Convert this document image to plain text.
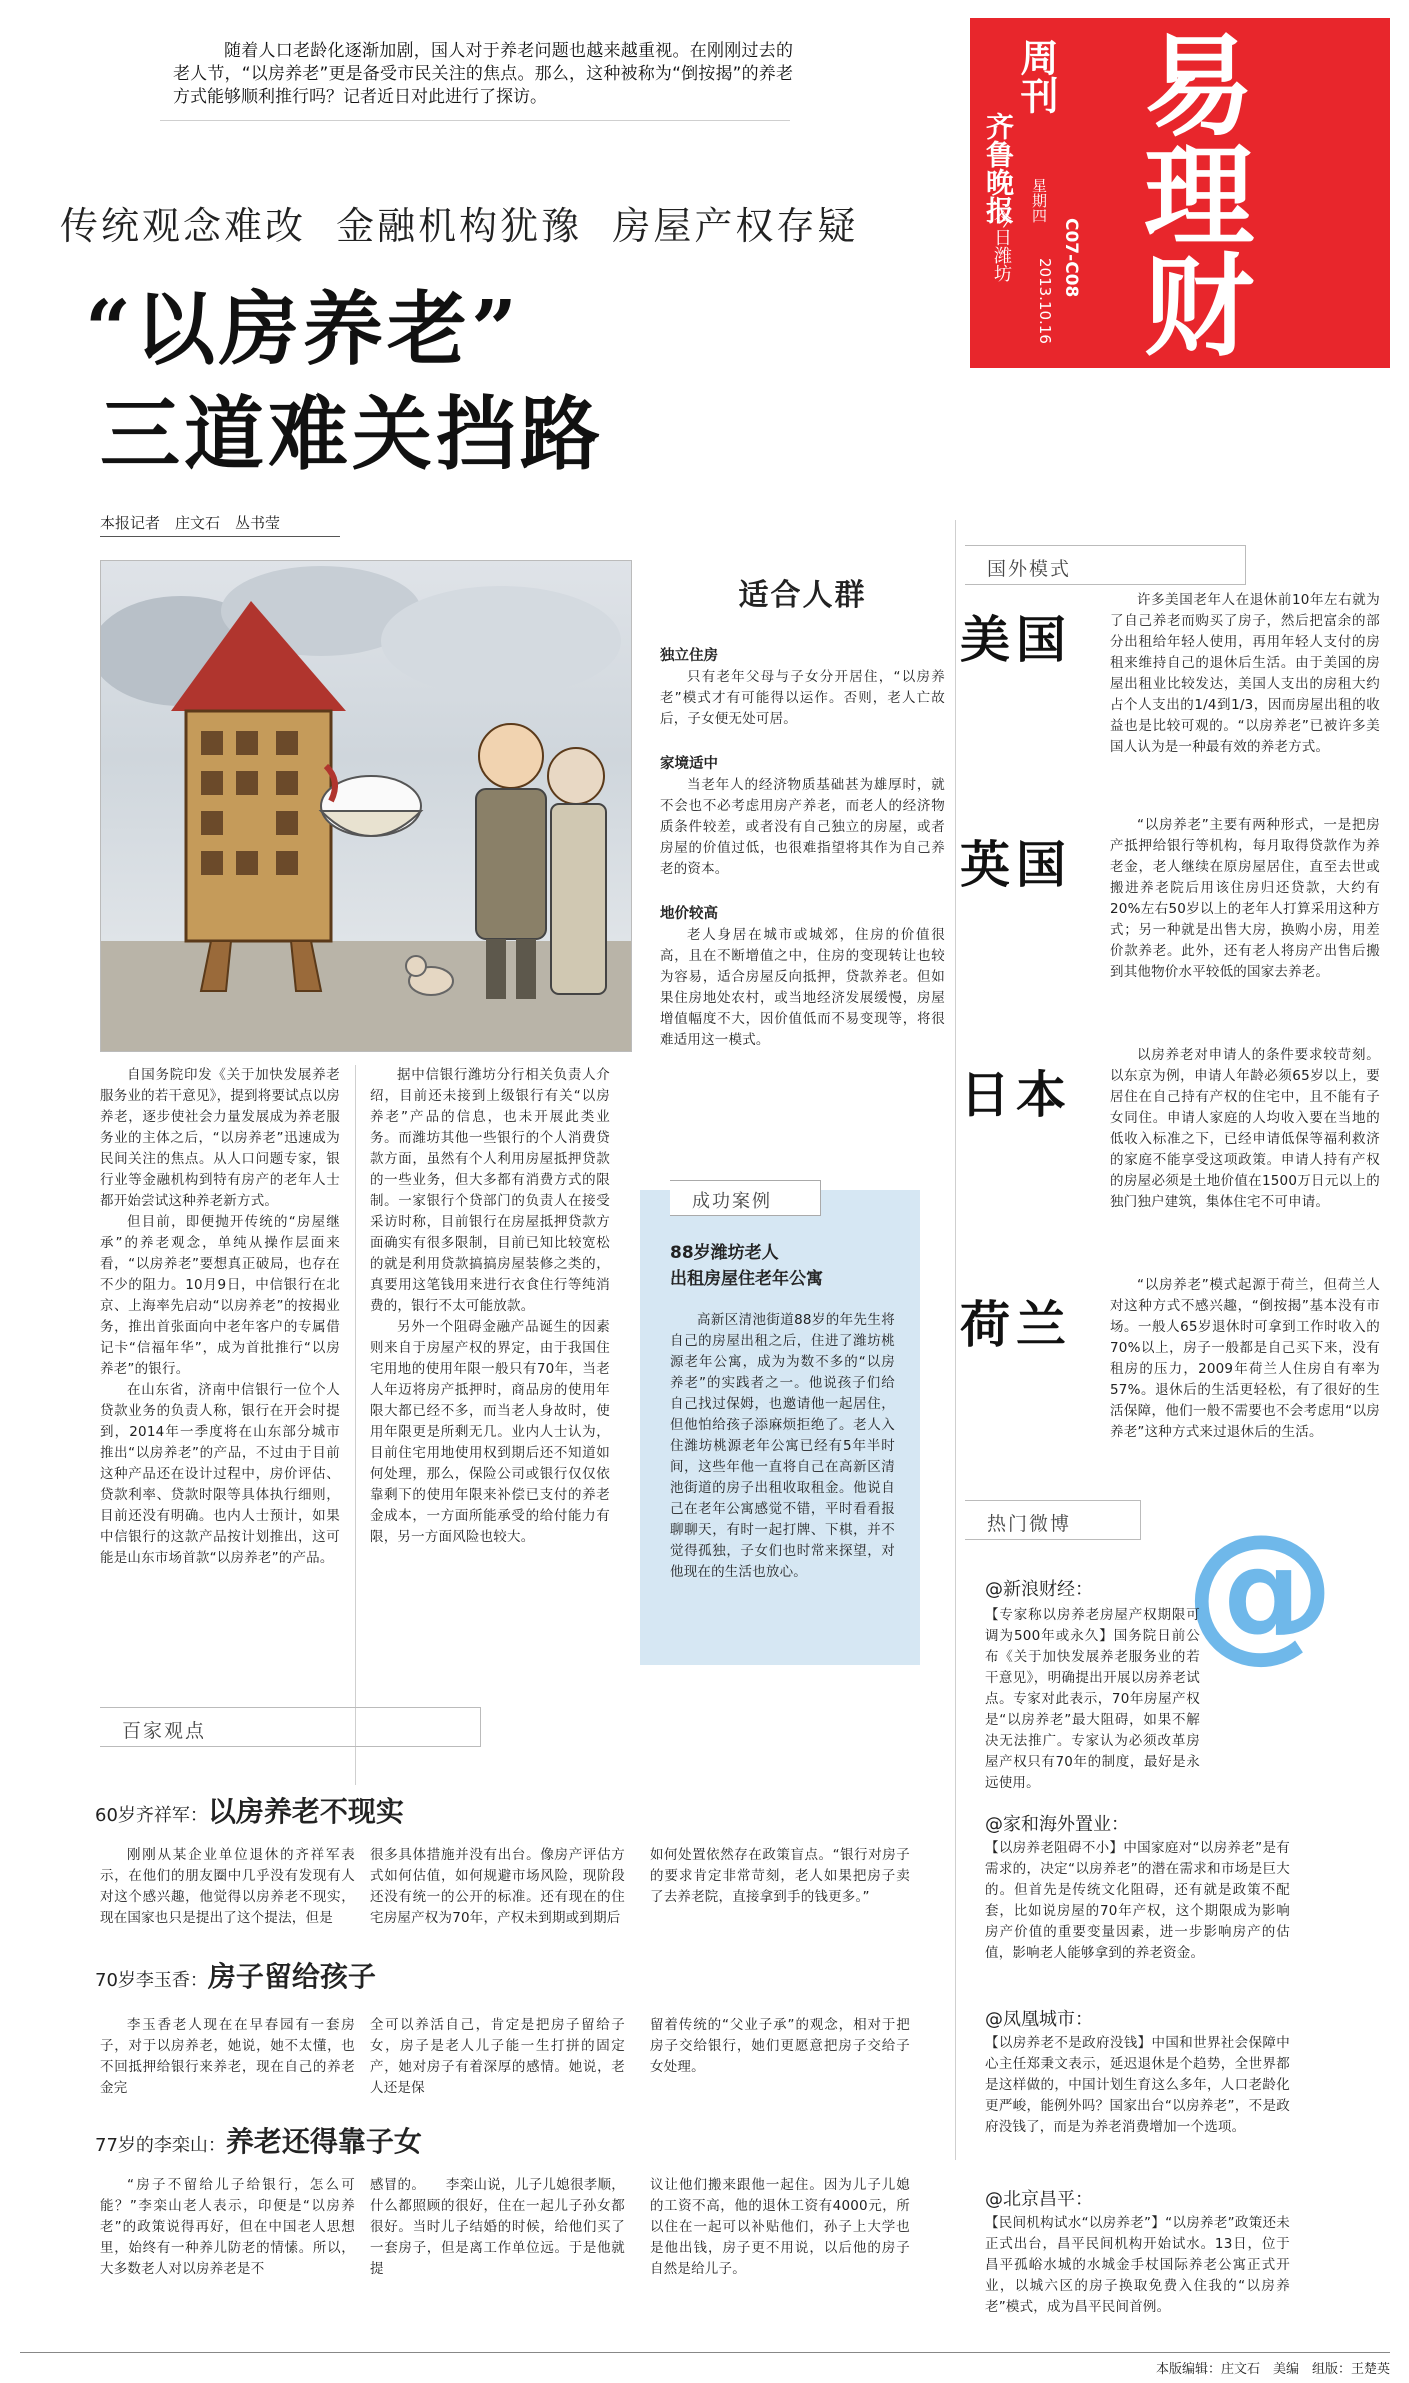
随着人口老龄化逐渐加剧，国人对于养老问题也越来越重视。在刚刚过去的老人节，“以房养老”更是备受市民关注的焦点。那么，这种被称为“倒按揭”的养老方式能够顺利推行吗？记者近日对此进行了探访。
齐鲁晚报
今日潍坊
周刊
星期四
2013.10.16
C07-C08 易理财
传统观念难改  金融机构犹豫  房屋产权存疑
“以房养老”
三道难关挡路
本报记者　庄文石　丛书莹
适合人群
独立住房

只有老年父母与子女分开居住，“以房养老”模式才有可能得以运作。否则，老人亡故后，子女便无处可居。

家境适中

当老年人的经济物质基础甚为雄厚时，就不会也不必考虑用房产养老，而老人的经济物质条件较差，或者没有自己独立的房屋，或者房屋的价值过低，也很难指望将其作为自己养老的资本。

地价较高

老人身居在城市或城郊，住房的价值很高，且在不断增值之中，住房的变现转让也较为容易，适合房屋反向抵押，贷款养老。但如果住房地处农村，或当地经济发展缓慢，房屋增值幅度不大，因价值低而不易变现等，将很难适用这一模式。

自国务院印发《关于加快发展养老服务业的若干意见》，提到将要试点以房养老，逐步使社会力量发展成为养老服务业的主体之后，“以房养老”迅速成为民间关注的焦点。从人口问题专家，银行业等金融机构到特有房产的老年人士都开始尝试这种养老新方式。

但目前，即便抛开传统的“房屋继承”的养老观念，单纯从操作层面来看，“以房养老”要想真正破局，也存在不少的阻力。10月9日，中信银行在北京、上海率先启动“以房养老”的按揭业务，推出首张面向中老年客户的专属借记卡“信福年华”，成为首批推行“以房养老”的银行。

在山东省，济南中信银行一位个人贷款业务的负责人称，银行在开会时提到，2014年一季度将在山东部分城市推出“以房养老”的产品，不过由于目前这种产品还在设计过程中，房价评估、贷款利率、贷款时限等具体执行细则，目前还没有明确。也内人士预计，如果中信银行的这款产品按计划推出，这可能是山东市场首款“以房养老”的产品。

据中信银行潍坊分行相关负责人介绍，目前还未接到上级银行有关“以房养老”产品的信息，也未开展此类业务。而潍坊其他一些银行的个人消费贷款方面，虽然有个人利用房屋抵押贷款的一些业务，但大多都有消费方式的限制。一家银行个贷部门的负责人在接受采访时称，目前银行在房屋抵押贷款方面确实有很多限制，目前已知比较宽松的就是利用贷款搞搞房屋装修之类的，真要用这笔钱用来进行衣食住行等纯消费的，银行不太可能放款。

另外一个阻碍金融产品诞生的因素则来自于房屋产权的界定，由于我国住宅用地的使用年限一般只有70年，当老人年迈将房产抵押时，商品房的使用年限大都已经不多，而当老人身故时，使用年限更是所剩无几。业内人士认为，目前住宅用地使用权到期后还不知道如何处理，那么，保险公司或银行仅仅依靠剩下的使用年限来补偿已支付的养老金成本，一方面所能承受的给付能力有限，另一方面风险也较大。

成功案例
88岁潍坊老人
出租房屋住老年公寓

高新区清池街道88岁的年先生将自己的房屋出租之后，住进了潍坊桃源老年公寓，成为为数不多的“以房养老”的实践者之一。他说孩子们给自己找过保姆，也邀请他一起居住，但他怕给孩子添麻烦拒绝了。老人入住潍坊桃源老年公寓已经有5年半时间，这些年他一直将自己在高新区清池街道的房子出租收取租金。他说自己在老年公寓感觉不错，平时看看报聊聊天，有时一起打牌、下棋，并不觉得孤独，子女们也时常来探望，对他现在的生活也放心。

国外模式
美国

许多美国老年人在退休前10年左右就为了自己养老而购买了房子，然后把富余的部分出租给年轻人使用，再用年轻人支付的房租来维持自己的退休后生活。由于美国的房屋出租业比较发达，美国人支出的房租大约占个人支出的1/4到1/3，因而房屋出租的收益也是比较可观的。“以房养老”已被许多美国人认为是一种最有效的养老方式。

英国

“以房养老”主要有两种形式，一是把房产抵押给银行等机构，每月取得贷款作为养老金，老人继续在原房屋居住，直至去世或搬进养老院后用该住房归还贷款，大约有20%左右50岁以上的老年人打算采用这种方式；另一种就是出售大房，换购小房，用差价款养老。此外，还有老人将房产出售后搬到其他物价水平较低的国家去养老。

日本

以房养老对申请人的条件要求较苛刻。以东京为例，申请人年龄必须65岁以上，要居住在自己持有产权的住宅中，且不能有子女同住。申请人家庭的人均收入要在当地的低收入标准之下，已经申请低保等福利救济的家庭不能享受这项政策。申请人持有产权的房屋必须是土地价值在1500万日元以上的独门独户建筑，集体住宅不可申请。

荷兰

“以房养老”模式起源于荷兰，但荷兰人对这种方式不感兴趣，“倒按揭”基本没有市场。一般人65岁退休时可拿到工作时收入的70%以上，房子一般都是自己买下来，没有租房的压力，2009年荷兰人住房自有率为57%。退休后的生活更轻松，有了很好的生活保障，他们一般不需要也不会考虑用“以房养老”这种方式来过退休后的生活。

百家观点
60岁齐祥军：以房养老不现实

刚刚从某企业单位退休的齐祥军表示，在他们的朋友圈中几乎没有发现有人对这个感兴趣，他觉得以房养老不现实，现在国家也只是提出了这个提法，但是

很多具体措施并没有出台。像房产评估方式如何估值，如何规避市场风险，现阶段还没有统一的公开的标准。还有现在的住宅房屋产权为70年，产权未到期或到期后

如何处置依然存在政策盲点。“银行对房子的要求肯定非常苛刻，老人如果把房子卖了去养老院，直接拿到手的钱更多。”

70岁李玉香：房子留给孩子

李玉香老人现在在早春园有一套房子，对于以房养老，她说，她不太懂，也不回抵押给银行来养老，现在自己的养老金完

全可以养活自己，肯定是把房子留给子女，房子是老人儿子能一生打拼的固定产，她对房子有着深厚的感情。她说，老人还是保

留着传统的“父业子承”的观念，相对于把房子交给银行，她们更愿意把房子交给子女处理。

77岁的李栾山：养老还得靠子女

“房子不留给儿子给银行，怎么可能？”李栾山老人表示，印便是“以房养老”的政策说得再好，但在中国老人思想里，始终有一种养儿防老的情愫。所以，大多数老人对以房养老是不

感冒的。　　李栾山说，儿子儿媳很孝顺，什么都照顾的很好，住在一起儿子孙女都很好。当时儿子结婚的时候，给他们买了一套房子，但是离工作单位远。于是他就提

议让他们搬来跟他一起住。因为儿子儿媳的工资不高，他的退休工资有4000元，所以住在一起可以补贴他们，孙子上大学也是他出钱，房子更不用说，以后他的房子自然是给儿子。

热门微博 @
@新浪财经：

【专家称以房养老房屋产权期限可调为500年或永久】国务院日前公布《关于加快发展养老服务业的若干意见》，明确提出开展以房养老试点。专家对此表示，70年房屋产权是“以房养老”最大阻碍，如果不解决无法推广。专家认为必须改革房屋产权只有70年的制度，最好是永远使用。

@家和海外置业：

【以房养老阻碍不小】中国家庭对“以房养老”是有需求的，决定“以房养老”的潜在需求和市场是巨大的。但首先是传统文化阻碍，还有就是政策不配套，比如说房屋的70年产权，这个期限成为影响房产价值的重要变量因素，进一步影响房产的估值，影响老人能够拿到的养老资金。

@凤凰城市：

【以房养老不是政府没钱】中国和世界社会保障中心主任郑秉文表示，延迟退休是个趋势，全世界都是这样做的，中国计划生育这么多年，人口老龄化更严峻，能例外吗？国家出台“以房养老”，不是政府没钱了，而是为养老消费增加一个选项。

@北京昌平：

【民间机构试水“以房养老”】“以房养老”政策还未正式出台，昌平民间机构开始试水。13日，位于昌平孤峪水城的水城金手杖国际养老公寓正式开业，以城六区的房子换取免费入住我的“以房养老”模式，成为昌平民间首例。

本版编辑：庄文石　美编　组版：王楚英
